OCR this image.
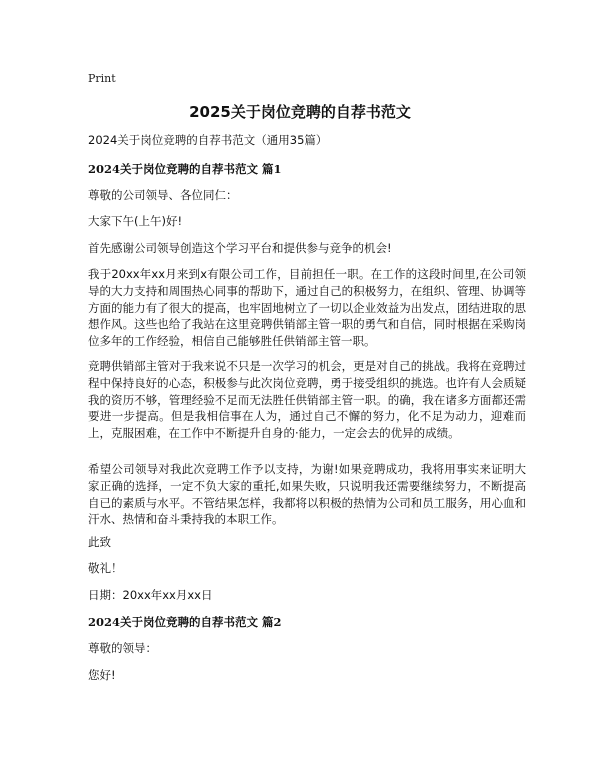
Print
2025关于岗位竞聘的自荐书范文

2024关于岗位竞聘的自荐书范文（通用35篇）

2024关于岗位竞聘的自荐书范文 篇1

尊敬的公司领导、各位同仁：

大家下午(上午)好!

首先感谢公司领导创造这个学习平台和提供参与竞争的机会!

我于20xx年xx月来到x有限公司工作，目前担任一职。在工作的这段时间里,在公司领导的大力支持和周围热心同事的帮助下，通过自己的积极努力，在组织、管理、协调等方面的能力有了很大的提高，也牢固地树立了一切以企业效益为出发点，团结进取的思想作风。这些也给了我站在这里竞聘供销部主管一职的勇气和自信，同时根据在采购岗位多年的工作经验，相信自己能够胜任供销部主管一职。

竞聘供销部主管对于我来说不只是一次学习的机会，更是对自己的挑战。我将在竞聘过程中保持良好的心态，积极参与此次岗位竞聘，勇于接受组织的挑选。也许有人会质疑我的资历不够，管理经验不足而无法胜任供销部主管一职。的确，我在诸多方面都还需要进一步提高。但是我相信事在人为，通过自己不懈的努力，化不足为动力，迎难而上，克服困难，在工作中不断提升自身的·能力，一定会去的优异的成绩。

希望公司领导对我此次竞聘工作予以支持，为谢!如果竞聘成功，我将用事实来证明大家正确的选择，一定不负大家的重托,如果失败，只说明我还需要继续努力，不断提高自已的素质与水平。不管结果怎样，我都将以积极的热情为公司和员工服务，用心血和汗水、热情和奋斗秉持我的本职工作。

此致

敬礼！

日期：20xx年xx月xx日

2024关于岗位竞聘的自荐书范文 篇2

尊敬的领导：

您好!
